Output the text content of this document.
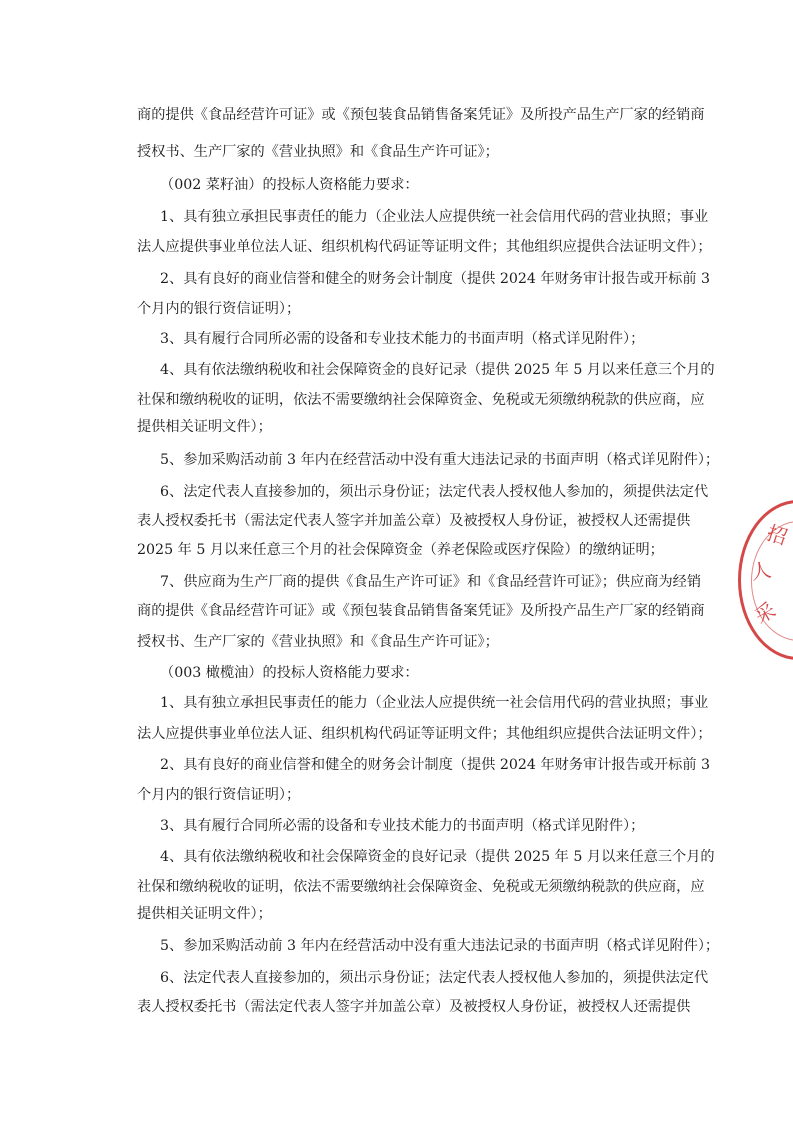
商的提供《食品经营许可证》或《预包装食品销售备案凭证》及所投产品生产厂家的经销商
授权书、生产厂家的《营业执照》和《食品生产许可证》；
（002 菜籽油）的投标人资格能力要求：
1、具有独立承担民事责任的能力（企业法人应提供统一社会信用代码的营业执照；事业
法人应提供事业单位法人证、组织机构代码证等证明文件；其他组织应提供合法证明文件）；
2、具有良好的商业信誉和健全的财务会计制度（提供 2024 年财务审计报告或开标前 3
个月内的银行资信证明）；
3、具有履行合同所必需的设备和专业技术能力的书面声明（格式详见附件）；
4、具有依法缴纳税收和社会保障资金的良好记录（提供 2025 年 5 月以来任意三个月的
社保和缴纳税收的证明，依法不需要缴纳社会保障资金、免税或无须缴纳税款的供应商，应
提供相关证明文件）；
5、参加采购活动前 3 年内在经营活动中没有重大违法记录的书面声明（格式详见附件）；
6、法定代表人直接参加的，须出示身份证；法定代表人授权他人参加的，须提供法定代
表人授权委托书（需法定代表人签字并加盖公章）及被授权人身份证，被授权人还需提供
2025 年 5 月以来任意三个月的社会保障资金（养老保险或医疗保险）的缴纳证明；
7、供应商为生产厂商的提供《食品生产许可证》和《食品经营许可证》；供应商为经销
商的提供《食品经营许可证》或《预包装食品销售备案凭证》及所投产品生产厂家的经销商
授权书、生产厂家的《营业执照》和《食品生产许可证》；
（003 橄榄油）的投标人资格能力要求：
1、具有独立承担民事责任的能力（企业法人应提供统一社会信用代码的营业执照；事业
法人应提供事业单位法人证、组织机构代码证等证明文件；其他组织应提供合法证明文件）；
2、具有良好的商业信誉和健全的财务会计制度（提供 2024 年财务审计报告或开标前 3
个月内的银行资信证明）；
3、具有履行合同所必需的设备和专业技术能力的书面声明（格式详见附件）；
4、具有依法缴纳税收和社会保障资金的良好记录（提供 2025 年 5 月以来任意三个月的
社保和缴纳税收的证明，依法不需要缴纳社会保障资金、免税或无须缴纳税款的供应商，应
提供相关证明文件）；
5、参加采购活动前 3 年内在经营活动中没有重大违法记录的书面声明（格式详见附件）；
6、法定代表人直接参加的，须出示身份证；法定代表人授权他人参加的，须提供法定代
表人授权委托书（需法定代表人签字并加盖公章）及被授权人身份证，被授权人还需提供
招
人
采
